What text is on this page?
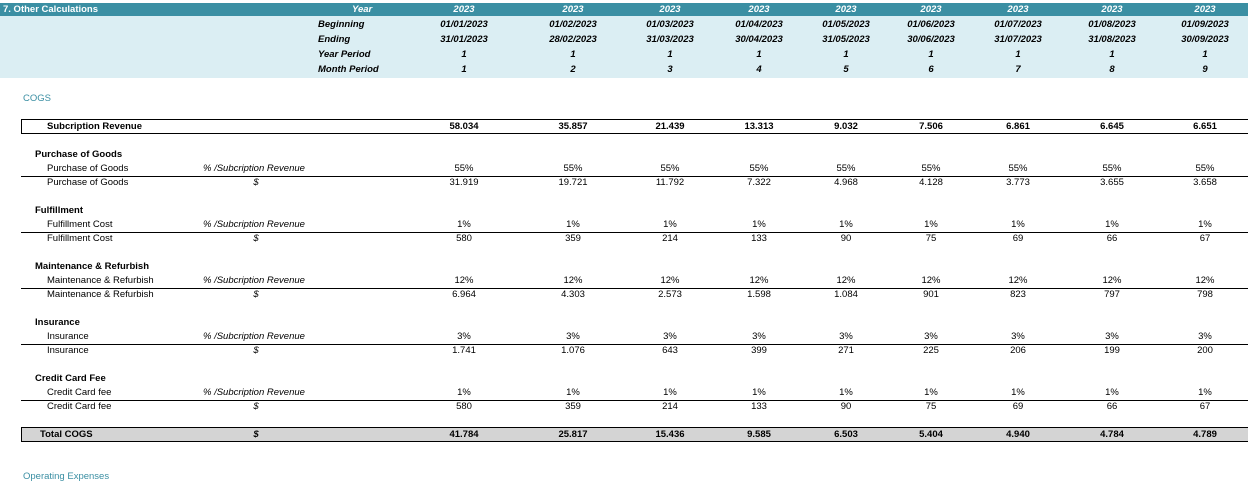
7. Other Calculations	Year	2023	2023	2023	2023	2023	2023	2023	2023	2023
Beginning	01/01/2023	01/02/2023	01/03/2023	01/04/2023	01/05/2023	01/06/2023	01/07/2023	01/08/2023	01/09/2023
Ending	31/01/2023	28/02/2023	31/03/2023	30/04/2023	31/05/2023	30/06/2023	31/07/2023	31/08/2023	30/09/2023
Year Period	1	1	1	1	1	1	1	1	1
Month Period	1	2	3	4	5	6	7	8	9
COGS
Subcription Revenue	58.034	35.857	21.439	13.313	9.032	7.506	6.861	6.645	6.651
Purchase of Goods
Purchase of Goods	% /Subcription Revenue	55%	55%	55%	55%	55%	55%	55%	55%	55%
Purchase of Goods	$	31.919	19.721	11.792	7.322	4.968	4.128	3.773	3.655	3.658
Fulfillment
Fulfillment Cost	% /Subcription Revenue	1%	1%	1%	1%	1%	1%	1%	1%	1%
Fulfillment Cost	$	580	359	214	133	90	75	69	66	67
Maintenance & Refurbish
Maintenance & Refurbish	% /Subcription Revenue	12%	12%	12%	12%	12%	12%	12%	12%	12%
Maintenance & Refurbish	$	6.964	4.303	2.573	1.598	1.084	901	823	797	798
Insurance
Insurance	% /Subcription Revenue	3%	3%	3%	3%	3%	3%	3%	3%	3%
Insurance	$	1.741	1.076	643	399	271	225	206	199	200
Credit Card Fee
Credit Card fee	% /Subcription Revenue	1%	1%	1%	1%	1%	1%	1%	1%	1%
Credit Card fee	$	580	359	214	133	90	75	69	66	67
Total COGS	$	41.784	25.817	15.436	9.585	6.503	5.404	4.940	4.784	4.789
Operating Expenses
